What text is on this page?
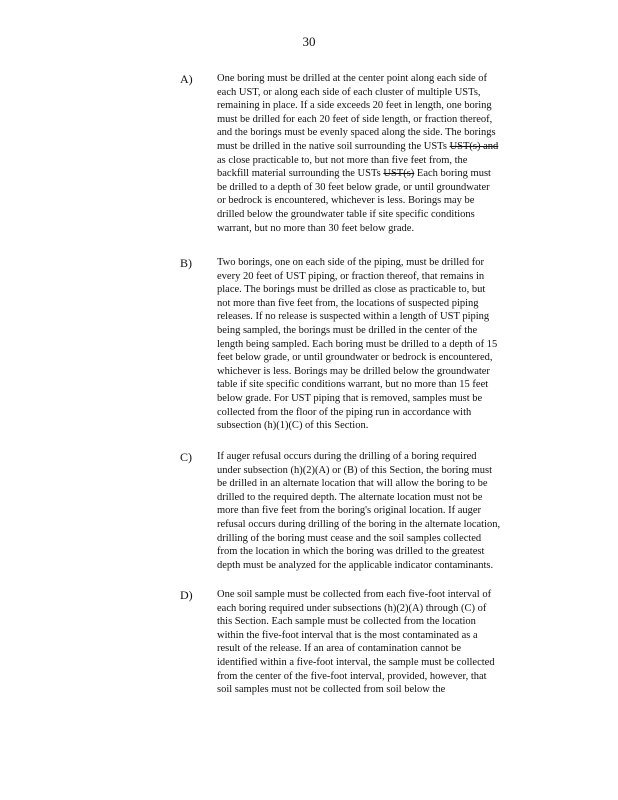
30
A) One boring must be drilled at the center point along each side of
each UST, or along each side of each cluster of multiple USTs,
remaining in place. If a side exceeds 20 feet in length, one boring
must be drilled for each 20 feet of side length, or fraction thereof,
and the borings must be evenly spaced along the side. The borings
must be drilled in the native soil surrounding the USTs UST(s) and
as close practicable to, but not more than five feet from, the
backfill material surrounding the USTs UST(s) Each boring must
be drilled to a depth of 30 feet below grade, or until groundwater
or bedrock is encountered, whichever is less. Borings may be
drilled below the groundwater table if site specific conditions
warrant, but no more than 30 feet below grade.
B) Two borings, one on each side of the piping, must be drilled for
every 20 feet of UST piping, or fraction thereof, that remains in
place. The borings must be drilled as close as practicable to, but
not more than five feet from, the locations of suspected piping
releases. If no release is suspected within a length of UST piping
being sampled, the borings must be drilled in the center of the
length being sampled. Each boring must be drilled to a depth of 15
feet below grade, or until groundwater or bedrock is encountered,
whichever is less. Borings may be drilled below the groundwater
table if site specific conditions warrant, but no more than 15 feet
below grade. For UST piping that is removed, samples must be
collected from the floor of the piping run in accordance with
subsection (h)(1)(C) of this Section.
C) If auger refusal occurs during the drilling of a boring required
under subsection (h)(2)(A) or (B) of this Section, the boring must
be drilled in an alternate location that will allow the boring to be
drilled to the required depth. The alternate location must not be
more than five feet from the boring's original location. If auger
refusal occurs during drilling of the boring in the alternate location,
drilling of the boring must cease and the soil samples collected
from the location in which the boring was drilled to the greatest
depth must be analyzed for the applicable indicator contaminants.
D) One soil sample must be collected from each five-foot interval of
each boring required under subsections (h)(2)(A) through (C) of
this Section. Each sample must be collected from the location
within the five-foot interval that is the most contaminated as a
result of the release. If an area of contamination cannot be
identified within a five-foot interval, the sample must be collected
from the center of the five-foot interval, provided, however, that
soil samples must not be collected from soil below the
